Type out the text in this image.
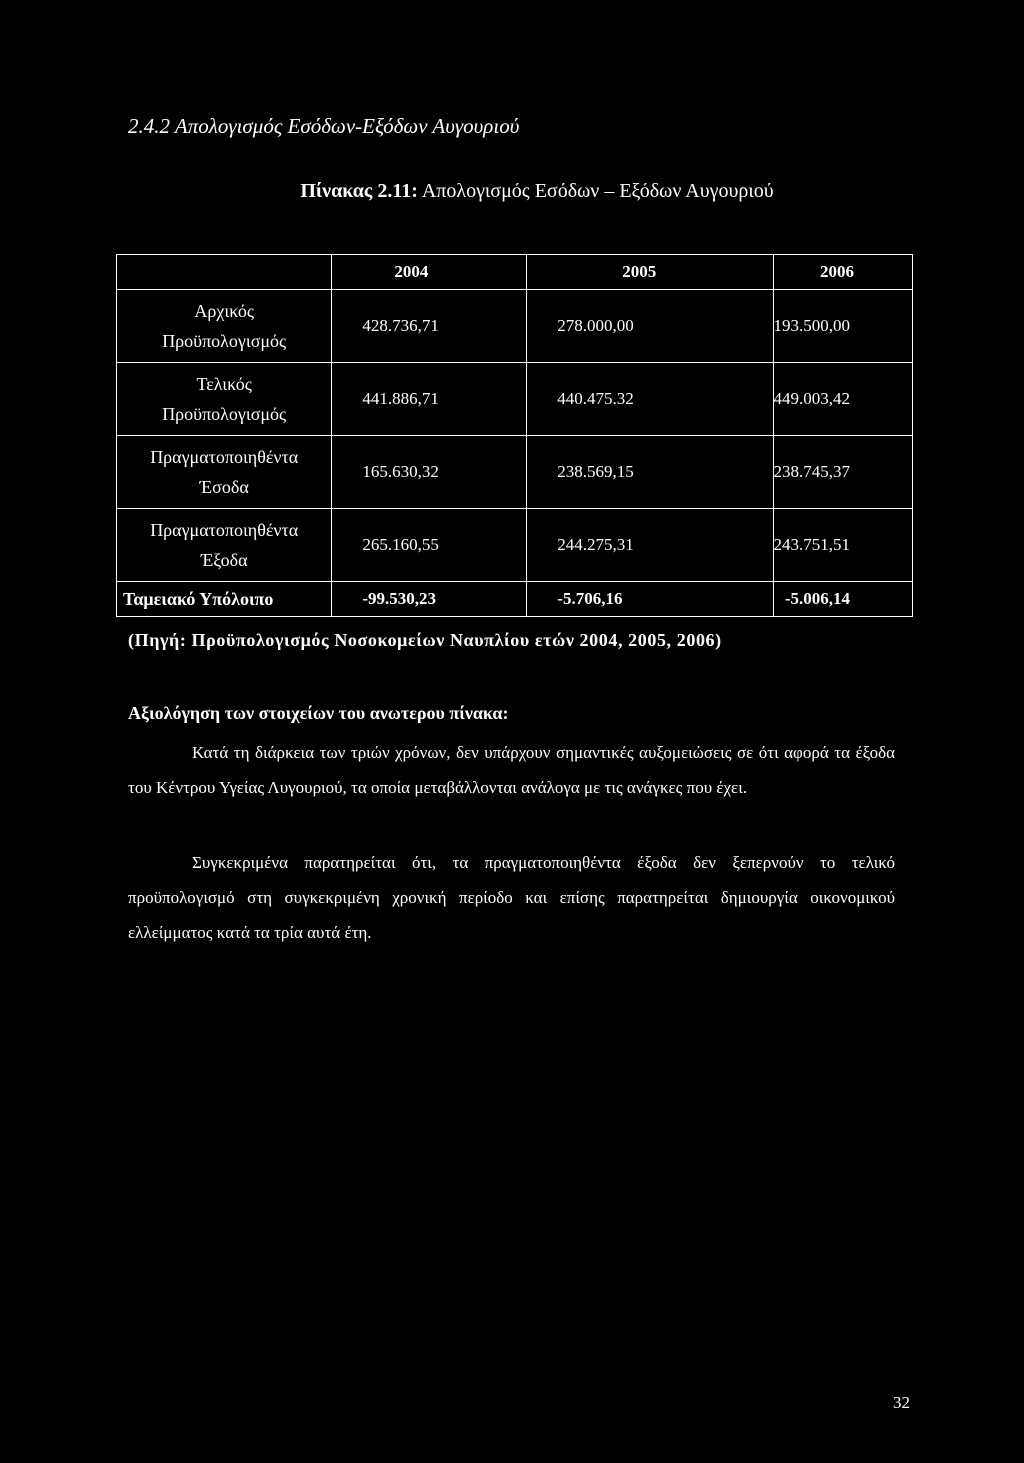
2.4.2 Απολογισμός Εσόδων-Εξόδων Αυγουριού

Πίνακας 2.11: Απολογισμός Εσόδων – Εξόδων Αυγουριού

	2004	2005	2006
Αρχικός
Προϋπολογισμός	428.736,71	278.000,00	193.500,00
Τελικός
Προϋπολογισμός	441.886,71	440.475.32	449.003,42
Πραγματοποιηθέντα
Έσοδα	165.630,32	238.569,15	238.745,37
Πραγματοποιηθέντα
Έξοδα	265.160,55	244.275,31	243.751,51
Ταμειακό Υπόλοιπο	-99.530,23	-5.706,16	-5.006,14

(Πηγή: Προϋπολογισμός Νοσοκομείων Ναυπλίου ετών 2004, 2005, 2006)

Αξιολόγηση των στοιχείων του ανωτερου πίνακα:

Κατά τη διάρκεια των τριών χρόνων, δεν υπάρχουν σημαντικές αυξομειώσεις σε ότι αφορά τα έξοδα του Κέντρου Υγείας Λυγουριού, τα οποία μεταβάλλονται ανάλογα με τις ανάγκες που έχει.

Συγκεκριμένα παρατηρείται ότι, τα πραγματοποιηθέντα έξοδα δεν ξεπερνούν το τελικό προϋπολογισμό στη συγκεκριμένη χρονική περίοδο και επίσης παρατηρείται δημιουργία οικονομικού ελλείμματος κατά τα τρία αυτά έτη.

32
